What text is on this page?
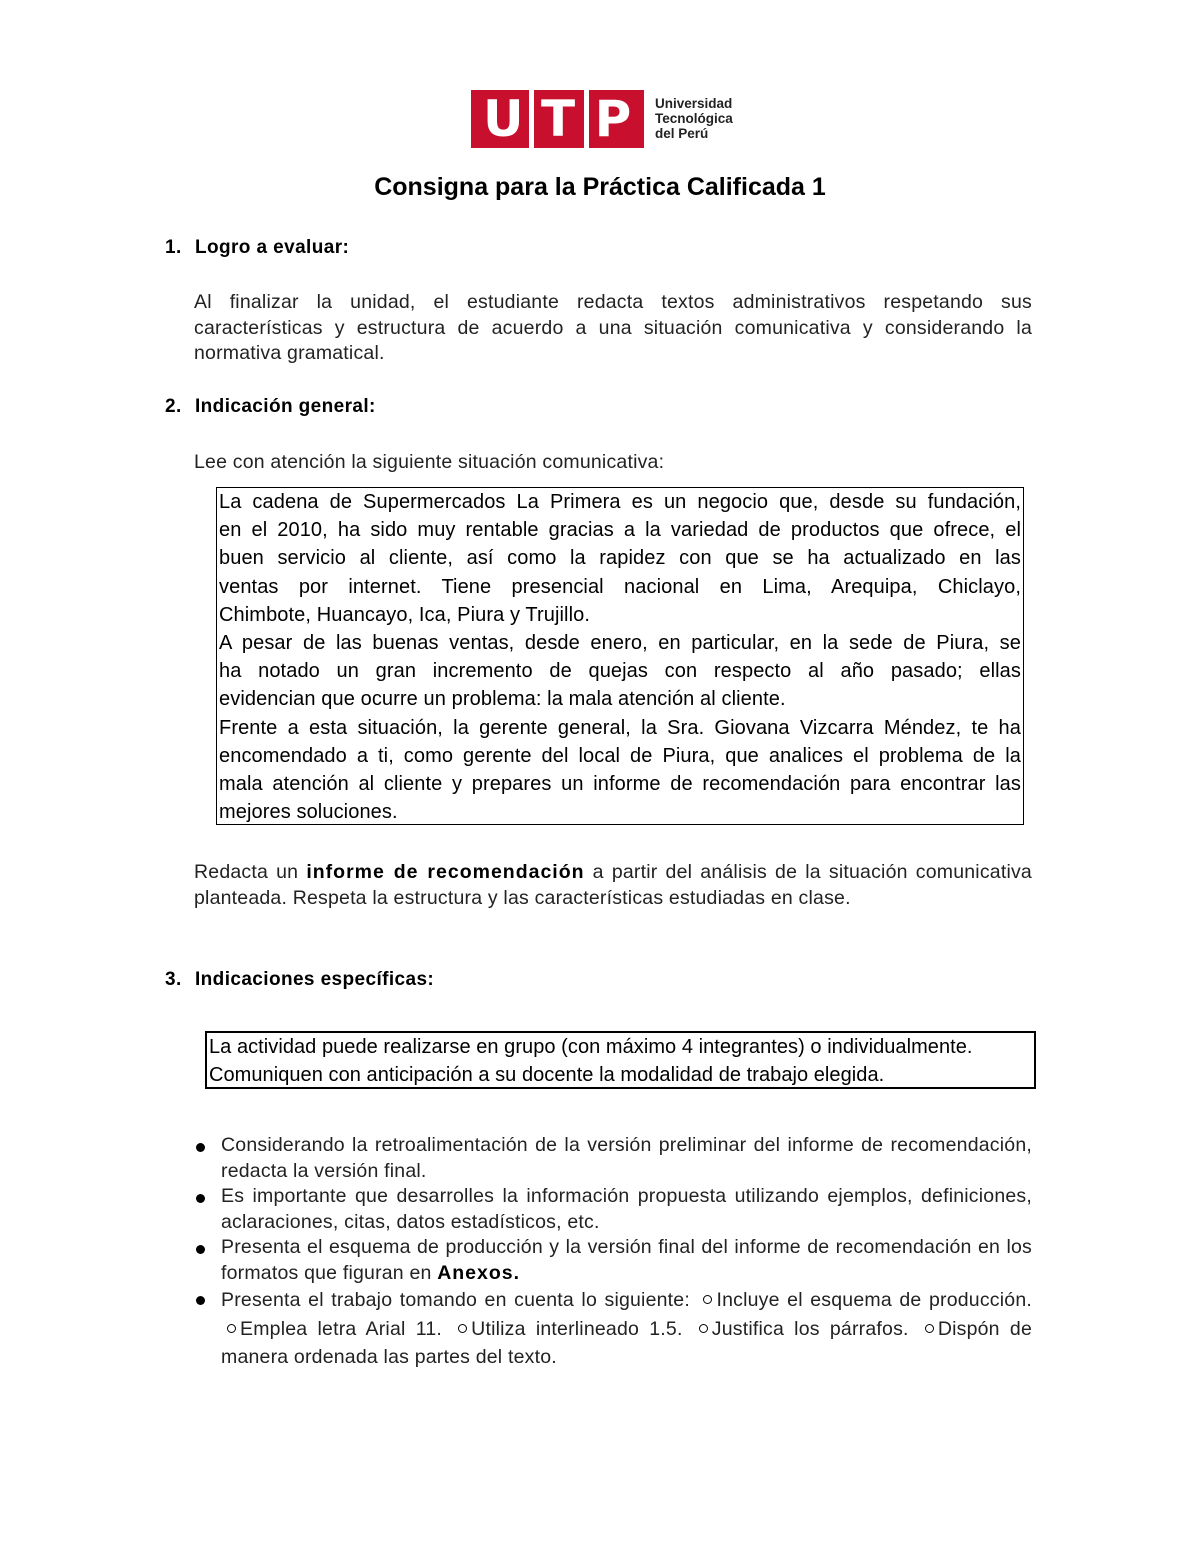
U T P Universidad
Tecnológica
del Perú
Consigna para la Práctica Calificada 1
1. Logro a evaluar:
Al finalizar la unidad, el estudiante redacta textos administrativos respetando sus características y estructura de acuerdo a una situación comunicativa y considerando la normativa gramatical.
2. Indicación general:
Lee con atención la siguiente situación comunicativa:

La cadena de Supermercados La Primera es un negocio que, desde su fundación,
en el 2010, ha sido muy rentable gracias a la variedad de productos que ofrece, el
buen servicio al cliente, así como la rapidez con que se ha actualizado en las
ventas por internet. Tiene presencial nacional en Lima, Arequipa, Chiclayo,
Chimbote, Huancayo, Ica, Piura y Trujillo.

A pesar de las buenas ventas, desde enero, en particular, en la sede de Piura, se
ha notado un gran incremento de quejas con respecto al año pasado; ellas
evidencian que ocurre un problema: la mala atención al cliente.

Frente a esta situación, la gerente general, la Sra. Giovana Vizcarra Méndez, te ha
encomendado a ti, como gerente del local de Piura, que analices el problema de la
mala atención al cliente y prepares un informe de recomendación para encontrar las
mejores soluciones.

Redacta un informe de recomendación a partir del análisis de la situación comunicativa planteada. Respeta la estructura y las características estudiadas en clase.
3. Indicaciones específicas:
La actividad puede realizarse en grupo (con máximo 4 integrantes) o individualmente.
Comuniquen con anticipación a su docente la modalidad de trabajo elegida.
Considerando la retroalimentación de la versión preliminar del informe de recomendación, redacta la versión final.
Es importante que desarrolles la información propuesta utilizando ejemplos, definiciones, aclaraciones, citas, datos estadísticos, etc.
Presenta el esquema de producción y la versión final del informe de recomendación en los formatos que figuran en Anexos.
Presenta el trabajo tomando en cuenta lo siguiente: Incluye el esquema de producción. Emplea letra Arial 11. Utiliza interlineado 1.5. Justifica los párrafos. Dispón de manera ordenada las partes del texto.
